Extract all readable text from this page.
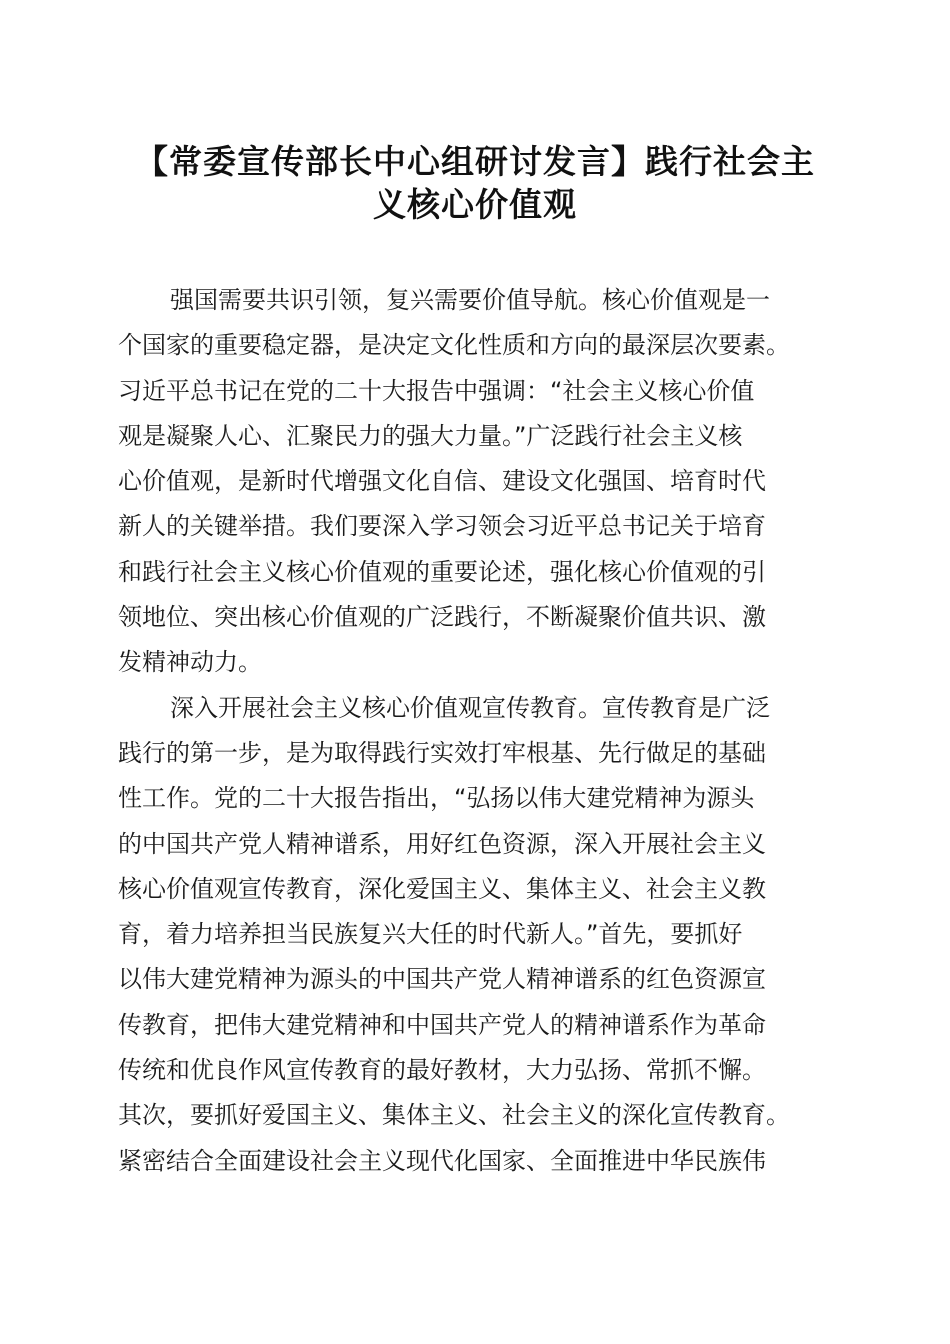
【常委宣传部长中心组研讨发言】践行社会主
义核心价值观
强国需要共识引领，复兴需要价值导航。核心价值观是一
个国家的重要稳定器，是决定文化性质和方向的最深层次要素。
习近平总书记在党的二十大报告中强调：“社会主义核心价值
观是凝聚人心、汇聚民力的强大力量。”广泛践行社会主义核
心价值观，是新时代增强文化自信、建设文化强国、培育时代
新人的关键举措。我们要深入学习领会习近平总书记关于培育
和践行社会主义核心价值观的重要论述，强化核心价值观的引
领地位、突出核心价值观的广泛践行，不断凝聚价值共识、激
发精神动力。
深入开展社会主义核心价值观宣传教育。宣传教育是广泛
践行的第一步，是为取得践行实效打牢根基、先行做足的基础
性工作。党的二十大报告指出，“弘扬以伟大建党精神为源头
的中国共产党人精神谱系，用好红色资源，深入开展社会主义
核心价值观宣传教育，深化爱国主义、集体主义、社会主义教
育，着力培养担当民族复兴大任的时代新人。”首先，要抓好
以伟大建党精神为源头的中国共产党人精神谱系的红色资源宣
传教育，把伟大建党精神和中国共产党人的精神谱系作为革命
传统和优良作风宣传教育的最好教材，大力弘扬、常抓不懈。
其次，要抓好爱国主义、集体主义、社会主义的深化宣传教育。
紧密结合全面建设社会主义现代化国家、全面推进中华民族伟
